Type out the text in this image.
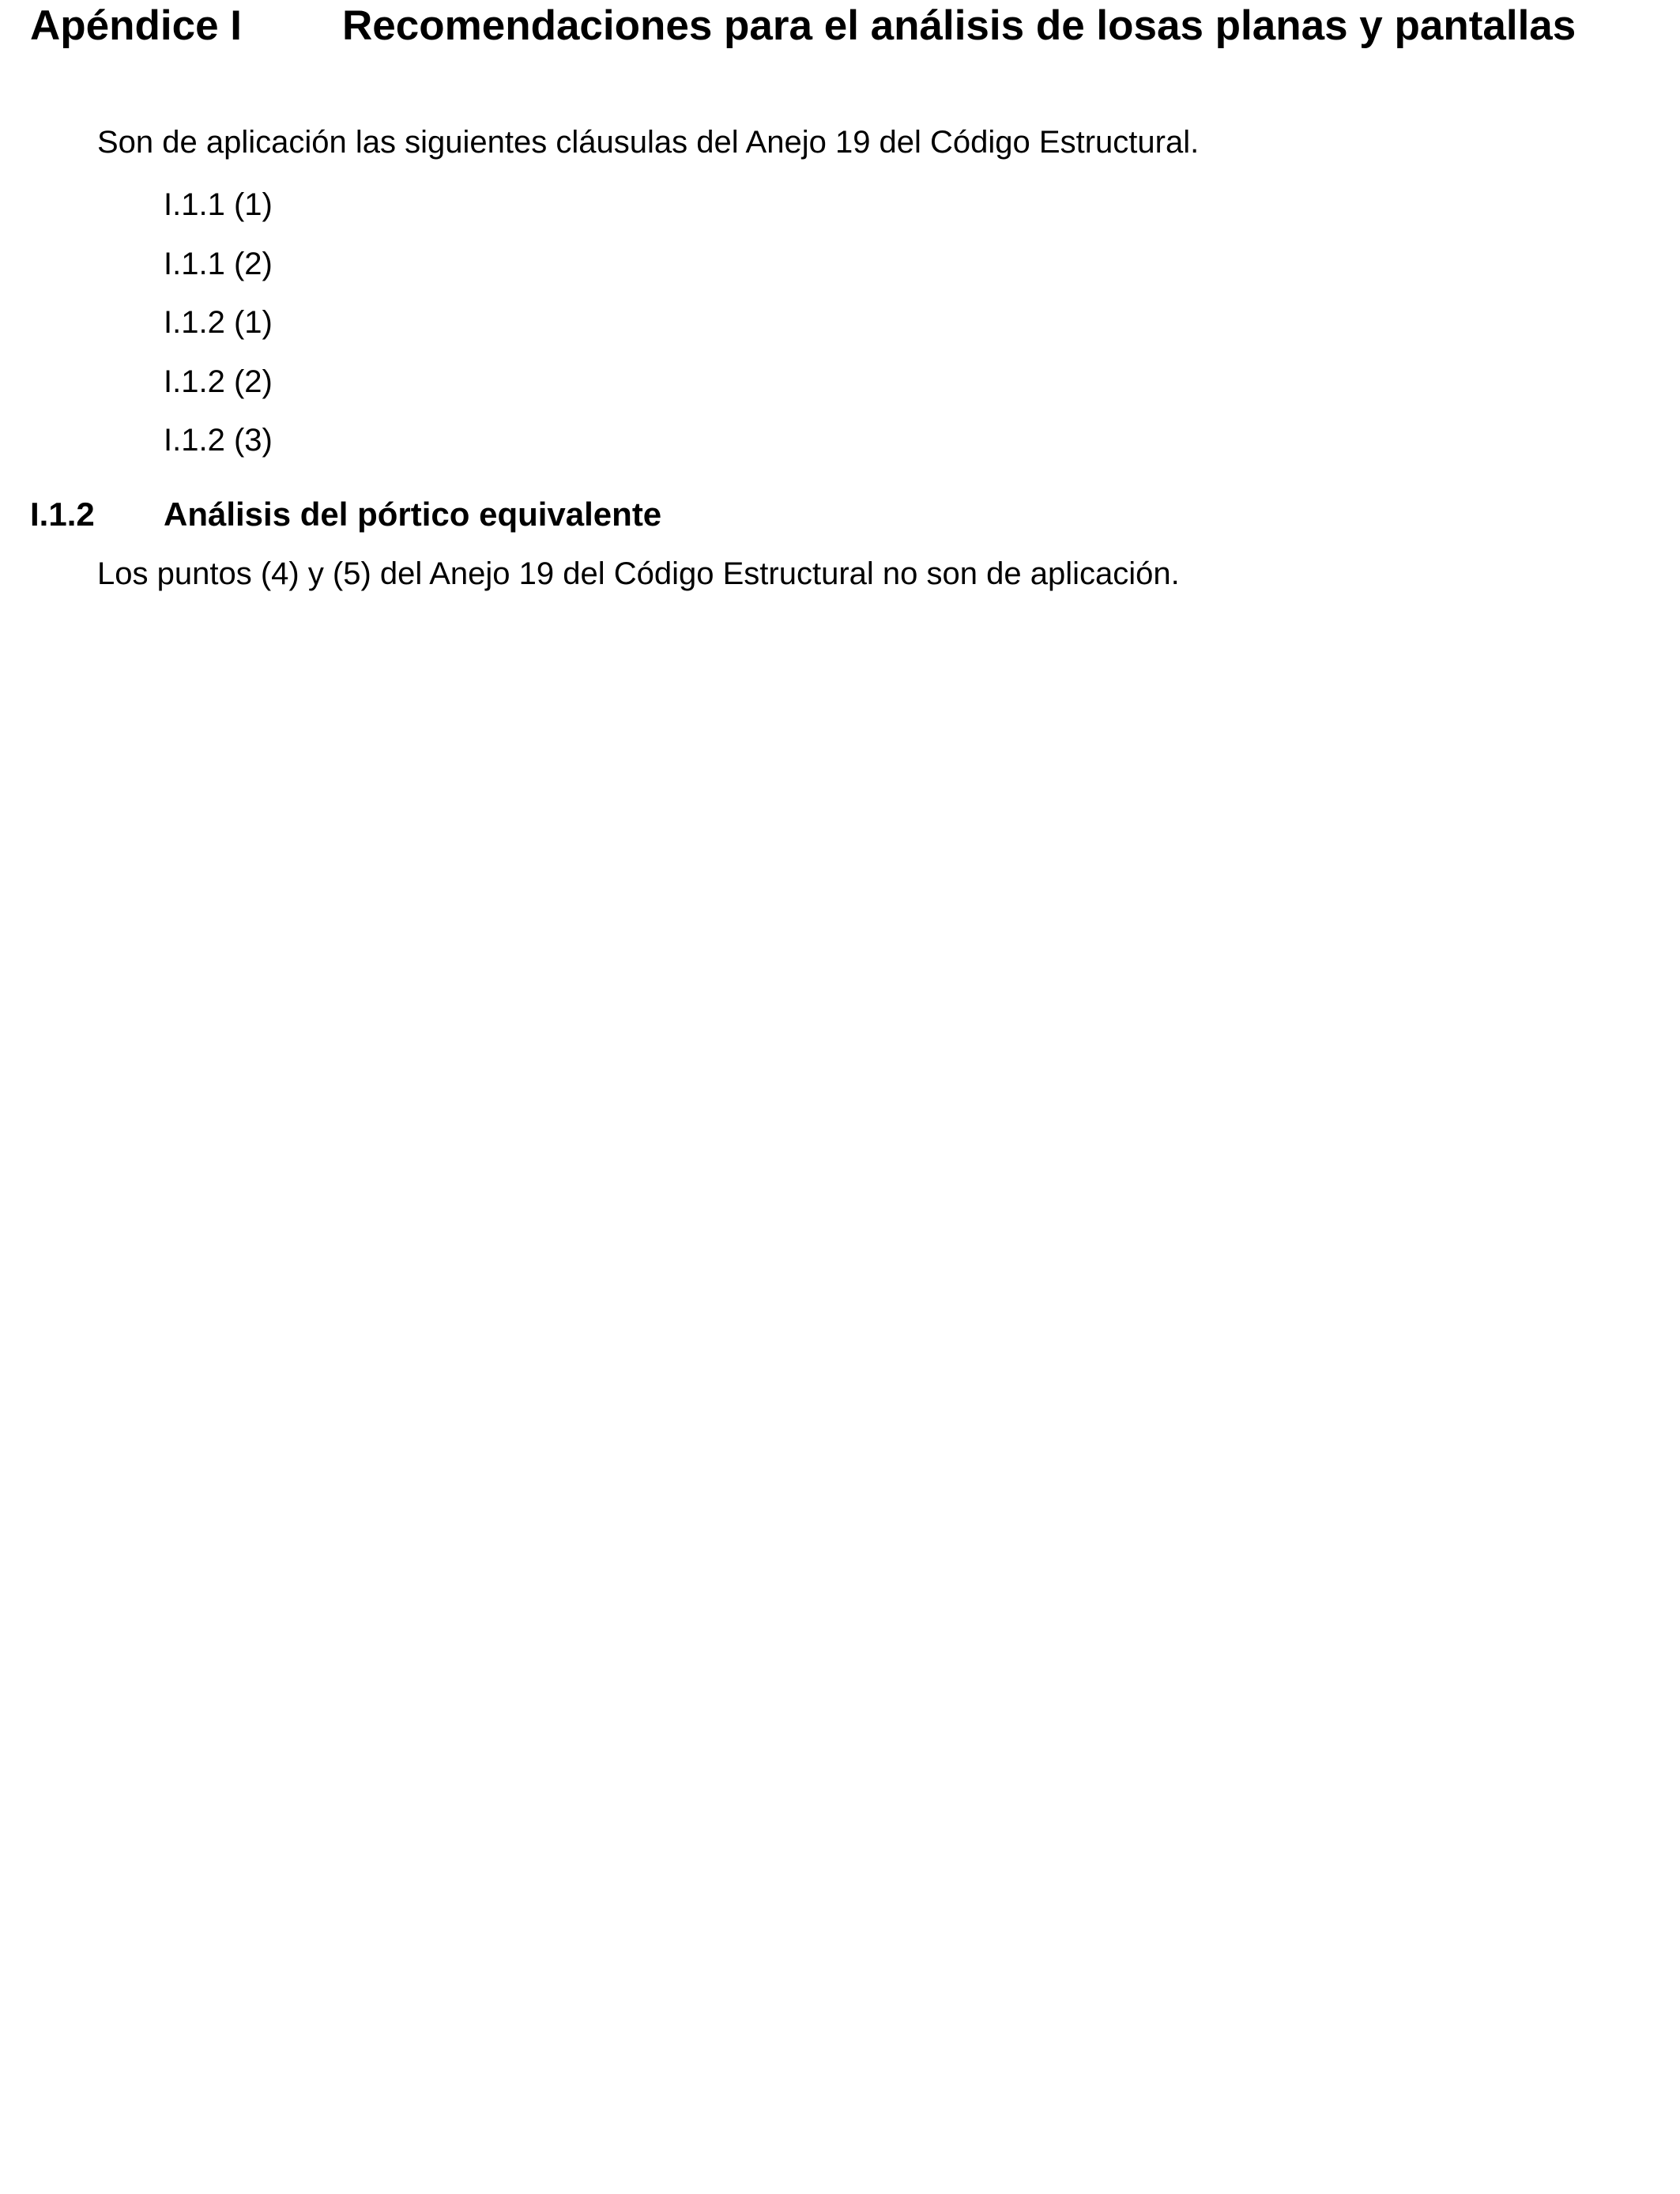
Apéndice I Recomendaciones para el análisis de losas planas y pantallas

Son de aplicación las siguientes cláusulas del Anejo 19 del Código Estructural.

I.1.1 (1)
I.1.1 (2)
I.1.2 (1)
I.1.2 (2)
I.1.2 (3)
I.1.2 Análisis del pórtico equivalente

Los puntos (4) y (5) del Anejo 19 del Código Estructural no son de aplicación.
